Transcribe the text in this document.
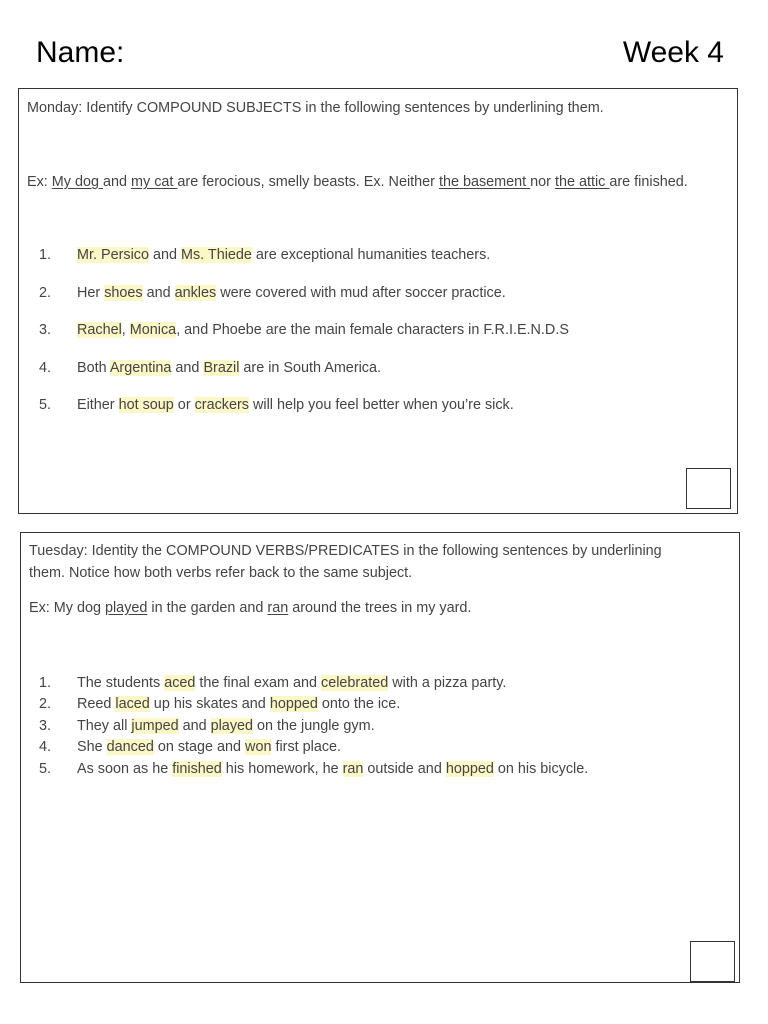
Name:	Week 4
Monday: Identify COMPOUND SUBJECTS in the following sentences by underlining them.
Ex: My dog and my cat are ferocious, smelly beasts. Ex. Neither the basement nor the attic are finished.
1. Mr. Persico and Ms. Thiede are exceptional humanities teachers.
2. Her shoes and ankles were covered with mud after soccer practice.
3. Rachel, Monica, and Phoebe are the main female characters in F.R.I.E.N.D.S
4. Both Argentina and Brazil are in South America.
5. Either hot soup or crackers will help you feel better when you’re sick.
Tuesday: Identity the COMPOUND VERBS/PREDICATES in the following sentences by underlining
them. Notice how both verbs refer back to the same subject.
Ex: My dog played in the garden and ran around the trees in my yard.
1. The students aced the final exam and celebrated with a pizza party.
2. Reed laced up his skates and hopped onto the ice.
3. They all jumped and played on the jungle gym.
4. She danced on stage and won first place.
5. As soon as he finished his homework, he ran outside and hopped on his bicycle.
